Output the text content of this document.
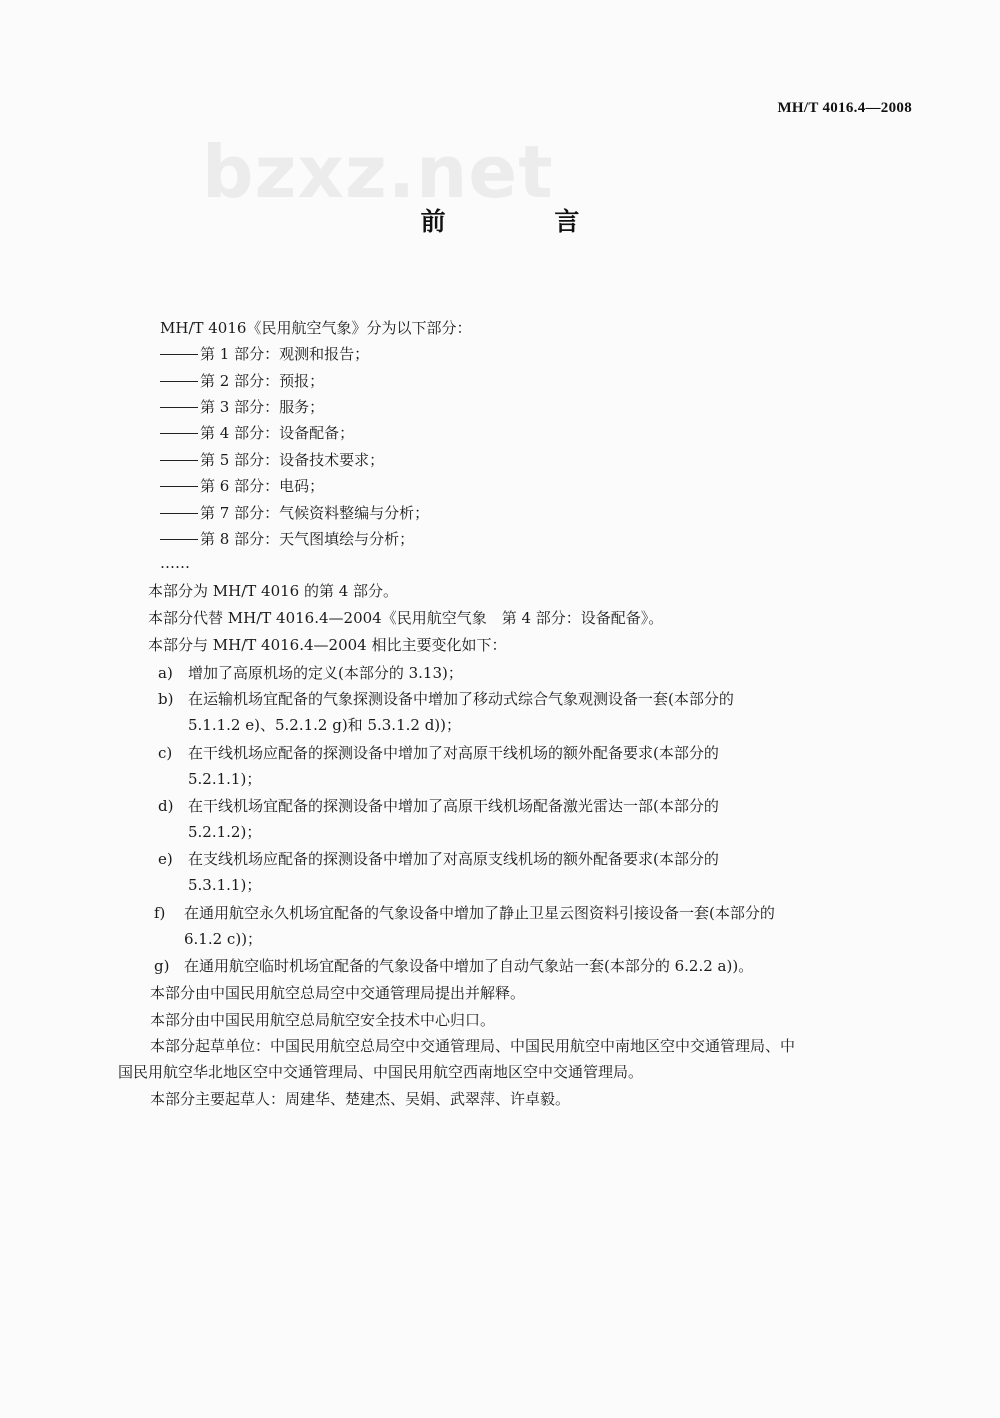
MH/T 4016.4—2008
bzxz.net
前 言
MH/T 4016《民用航空气象》分为以下部分：
第 1 部分：观测和报告；
第 2 部分：预报；
第 3 部分：服务；
第 4 部分：设备配备；
第 5 部分：设备技术要求；
第 6 部分：电码；
第 7 部分：气候资料整编与分析；
第 8 部分：天气图填绘与分析；
……
本部分为 MH/T 4016 的第 4 部分。
本部分代替 MH/T 4016.4—2004《民用航空气象　第 4 部分：设备配备》。
本部分与 MH/T 4016.4—2004 相比主要变化如下：
a) 增加了高原机场的定义(本部分的 3.13)；
b) 在运输机场宜配备的气象探测设备中增加了移动式综合气象观测设备一套(本部分的
5.1.1.2 e)、5.2.1.2 g)和 5.3.1.2 d))；
c) 在干线机场应配备的探测设备中增加了对高原干线机场的额外配备要求(本部分的
5.2.1.1)；
d) 在干线机场宜配备的探测设备中增加了高原干线机场配备激光雷达一部(本部分的
5.2.1.2)；
e) 在支线机场应配备的探测设备中增加了对高原支线机场的额外配备要求(本部分的
5.3.1.1)；
f) 在通用航空永久机场宜配备的气象设备中增加了静止卫星云图资料引接设备一套(本部分的
6.1.2 c))；
g) 在通用航空临时机场宜配备的气象设备中增加了自动气象站一套(本部分的 6.2.2 a))。
本部分由中国民用航空总局空中交通管理局提出并解释。
本部分由中国民用航空总局航空安全技术中心归口。
本部分起草单位：中国民用航空总局空中交通管理局、中国民用航空中南地区空中交通管理局、中
国民用航空华北地区空中交通管理局、中国民用航空西南地区空中交通管理局。
本部分主要起草人：周建华、楚建杰、吴娟、武翠萍、许卓毅。
